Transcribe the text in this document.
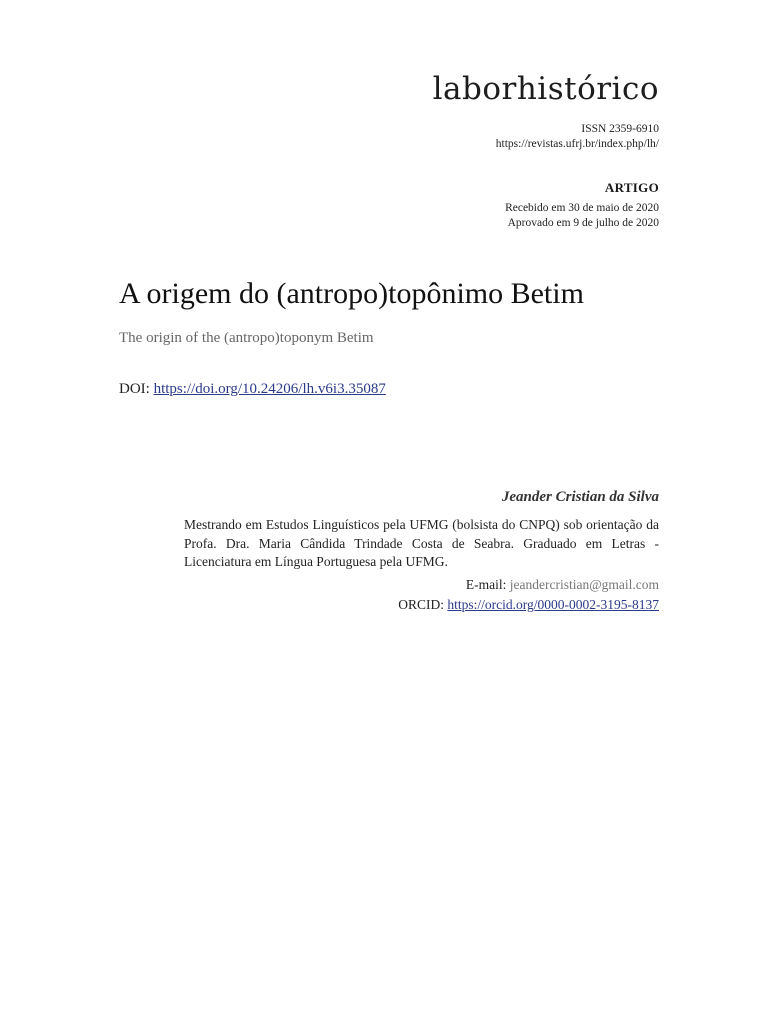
laborhistórico
ISSN 2359-6910
https://revistas.ufrj.br/index.php/lh/
ARTIGO
Recebido em 30 de maio de 2020
Aprovado em 9 de julho de 2020
A origem do (antropo)topônimo Betim
The origin of the (antropo)toponym Betim
DOI: https://doi.org/10.24206/lh.v6i3.35087
Jeander Cristian da Silva
Mestrando em Estudos Linguísticos pela UFMG (bolsista do CNPQ) sob orientação da Profa. Dra. Maria Cândida Trindade Costa de Seabra. Graduado em Letras - Licenciatura em Língua Portuguesa pela UFMG.
E-mail: jeandercristian@gmail.com
ORCID: https://orcid.org/0000-0002-3195-8137
